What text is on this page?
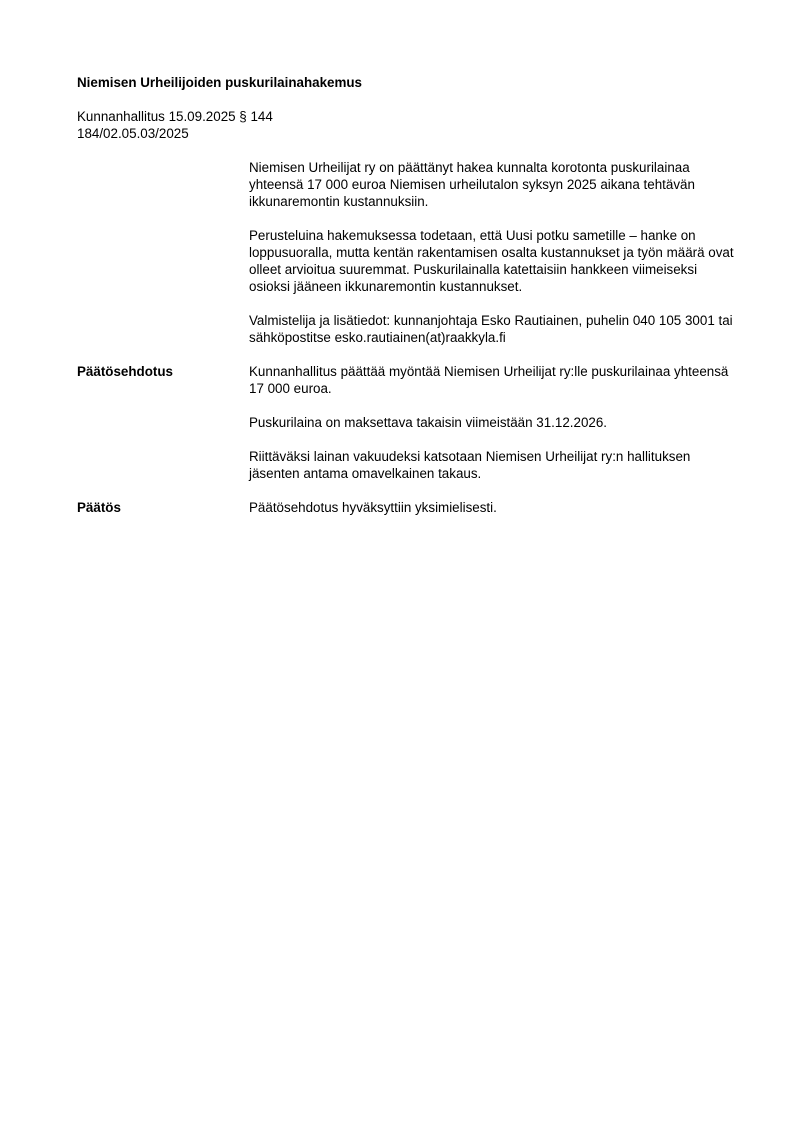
Niemisen Urheilijoiden puskurilainahakemus
Kunnanhallitus 15.09.2025 § 144
184/02.05.03/2025

Niemisen Urheilijat ry on päättänyt hakea kunnalta korotonta puskurilainaa yhteensä 17 000 euroa Niemisen urheilutalon syksyn 2025 aikana tehtävän ikkunaremontin kustannuksiin.

Perusteluina hakemuksessa todetaan, että Uusi potku sametille – hanke on loppusuoralla, mutta kentän rakentamisen osalta kustannukset ja työn määrä ovat olleet arvioitua suuremmat. Puskurilainalla katettaisiin hankkeen viimeiseksi osioksi jääneen ikkunaremontin kustannukset.

Valmistelija ja lisätiedot: kunnanjohtaja Esko Rautiainen, puhelin 040 105 3001 tai sähköpostitse esko.rautiainen(at)raakkyla.fi

Päätösehdotus	Kunnanhallitus päättää myöntää Niemisen Urheilijat ry:lle puskurilainaa yhteensä 17 000 euroa.

Puskurilaina on maksettava takaisin viimeistään 31.12.2026.

Riittäväksi lainan vakuudeksi katsotaan Niemisen Urheilijat ry:n hallituksen jäsenten antama omavelkainen takaus.

Päätös	Päätösehdotus hyväksyttiin yksimielisesti.
